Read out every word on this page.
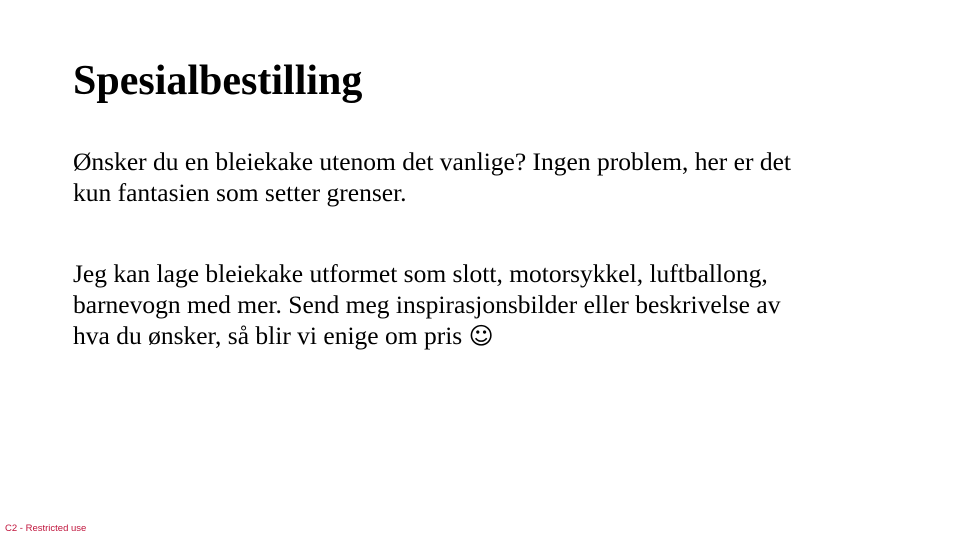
Spesialbestilling

Ønsker du en bleiekake utenom det vanlige? Ingen problem, her er det
kun fantasien som setter grenser.

Jeg kan lage bleiekake utformet som slott, motorsykkel, luftballong,
barnevogn med mer. Send meg inspirasjonsbilder eller beskrivelse av
hva du ønsker, så blir vi enige om pris ☺

C2 - Restricted use
